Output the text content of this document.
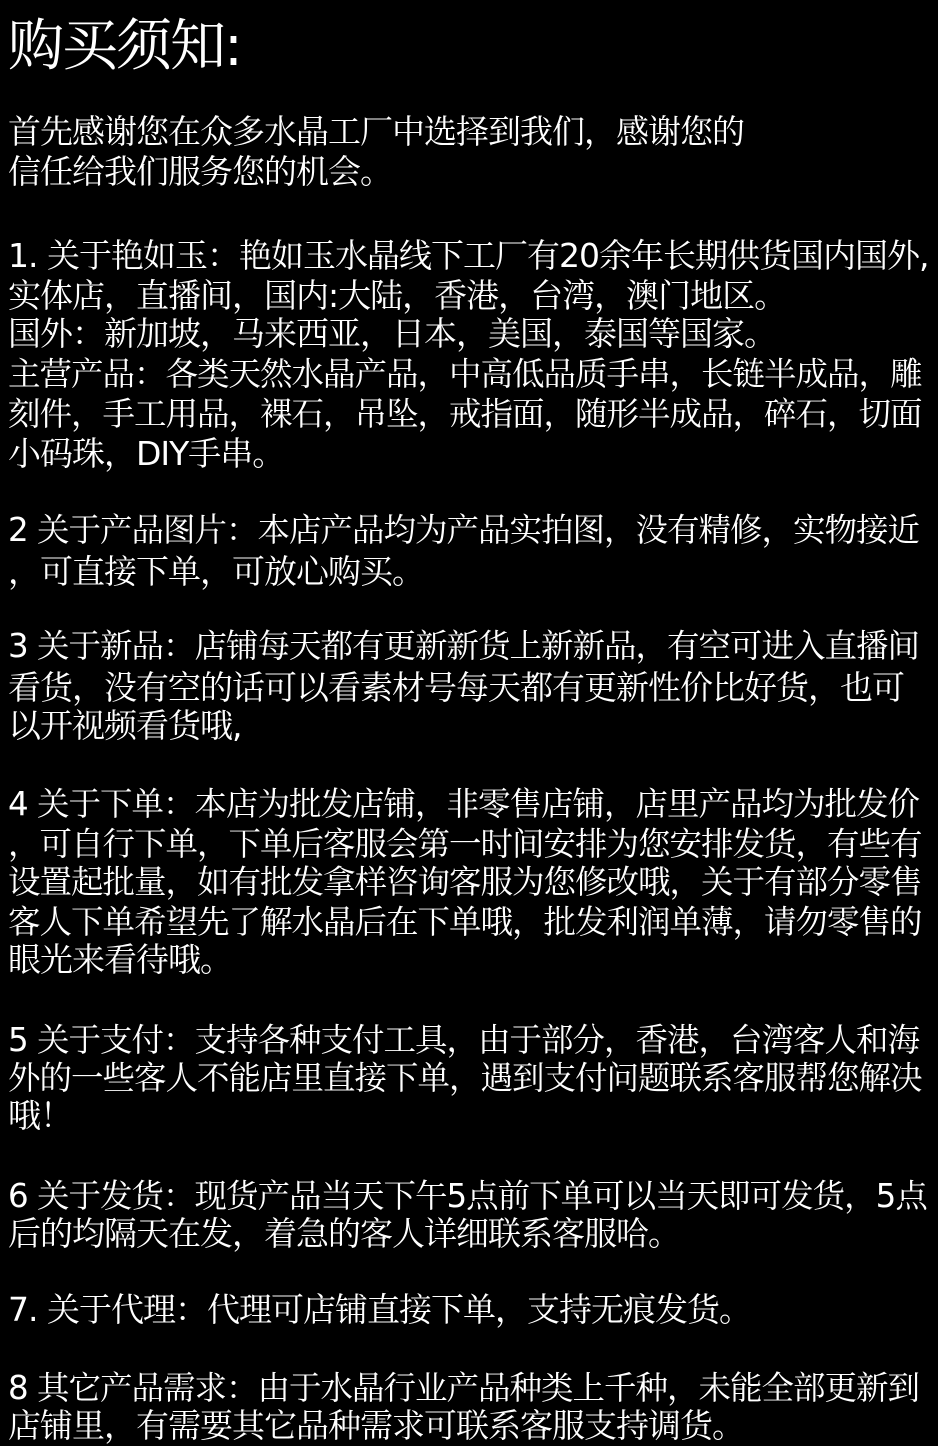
购买须知:
首先感谢您在众多水晶工厂中选择到我们，感谢您的
信任给我们服务您的机会。
1. 关于艳如玉：艳如玉水晶线下工厂有20余年长期供货国内国外,
实体店，直播间，国内:大陆，香港，台湾，澳门地区。
国外：新加坡，马来西亚，日本，美国，泰国等国家。
主营产品：各类天然水晶产品，中高低品质手串，长链半成品，雕
刻件，手工用品，裸石，吊坠，戒指面，随形半成品，碎石，切面
小码珠，DIY手串。
2 关于产品图片：本店产品均为产品实拍图，没有精修，实物接近
，可直接下单，可放心购买。
3 关于新品：店铺每天都有更新新货上新新品，有空可进入直播间
看货，没有空的话可以看素材号每天都有更新性价比好货，也可
以开视频看货哦,
4 关于下单：本店为批发店铺，非零售店铺，店里产品均为批发价
，可自行下单，下单后客服会第一时间安排为您安排发货，有些有
设置起批量，如有批发拿样咨询客服为您修改哦，关于有部分零售
客人下单希望先了解水晶后在下单哦，批发利润单薄，请勿零售的
眼光来看待哦。
5 关于支付：支持各种支付工具，由于部分，香港，台湾客人和海
外的一些客人不能店里直接下单，遇到支付问题联系客服帮您解决
哦！
6 关于发货：现货产品当天下午5点前下单可以当天即可发货，5点
后的均隔天在发，着急的客人详细联系客服哈。
7. 关于代理：代理可店铺直接下单，支持无痕发货。
8 其它产品需求：由于水晶行业产品种类上千种，未能全部更新到
店铺里，有需要其它品种需求可联系客服支持调货。
